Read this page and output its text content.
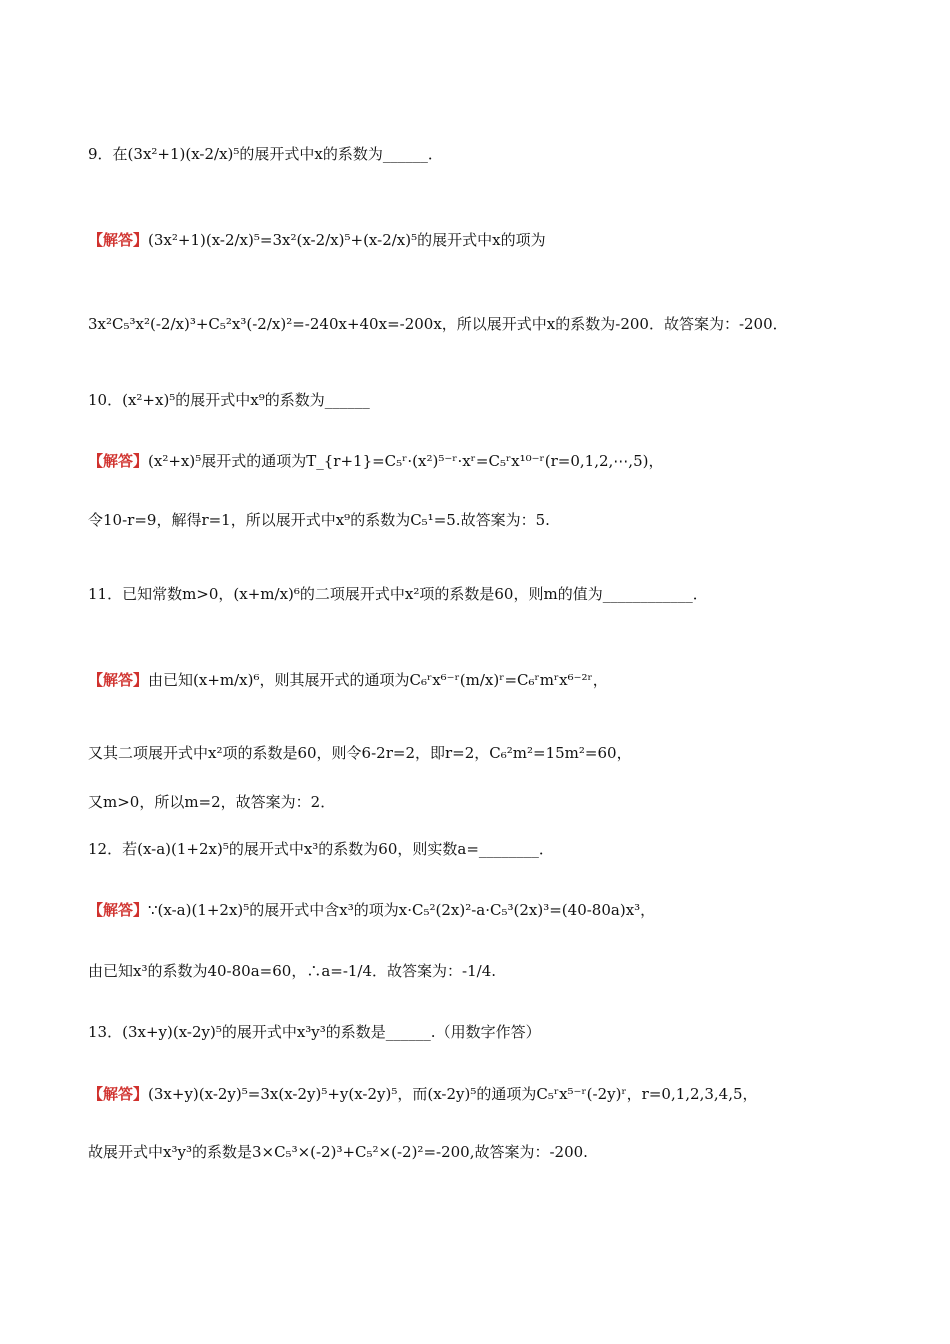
9．在(3x²+1)(x-2/x)⁵的展开式中x的系数为______．
【解答】(3x²+1)(x-2/x)⁵=3x²(x-2/x)⁵+(x-2/x)⁵的展开式中x的项为
3x²C₅³x²(-2/x)³+C₅²x³(-2/x)²=-240x+40x=-200x，所以展开式中x的系数为-200．故答案为：-200．
10．(x²+x)⁵的展开式中x⁹的系数为______
【解答】(x²+x)⁵展开式的通项为T_{r+1}=C₅ʳ·(x²)⁵⁻ʳ·xʳ=C₅ʳx¹⁰⁻ʳ(r=0,1,2,⋯,5)，
令10-r=9，解得r=1，所以展开式中x⁹的系数为C₅¹=5.故答案为：5.
11．已知常数m>0，(x+m/x)⁶的二项展开式中x²项的系数是60，则m的值为____________．
【解答】由已知(x+m/x)⁶，则其展开式的通项为C₆ʳx⁶⁻ʳ(m/x)ʳ=C₆ʳmʳx⁶⁻²ʳ，
又其二项展开式中x²项的系数是60，则令6-2r=2，即r=2，C₆²m²=15m²=60，
又m>0，所以m=2，故答案为：2．
12．若(x-a)(1+2x)⁵的展开式中x³的系数为60，则实数a=________．
【解答】∵(x-a)(1+2x)⁵的展开式中含x³的项为x·C₅²(2x)²-a·C₅³(2x)³=(40-80a)x³，
由已知x³的系数为40-80a=60，∴a=-1/4．故答案为：-1/4.
13．(3x+y)(x-2y)⁵的展开式中x³y³的系数是______.（用数字作答）
【解答】(3x+y)(x-2y)⁵=3x(x-2y)⁵+y(x-2y)⁵，而(x-2y)⁵的通项为C₅ʳx⁵⁻ʳ(-2y)ʳ，r=0,1,2,3,4,5，
故展开式中x³y³的系数是3×C₅³×(-2)³+C₅²×(-2)²=-200,故答案为：-200.
